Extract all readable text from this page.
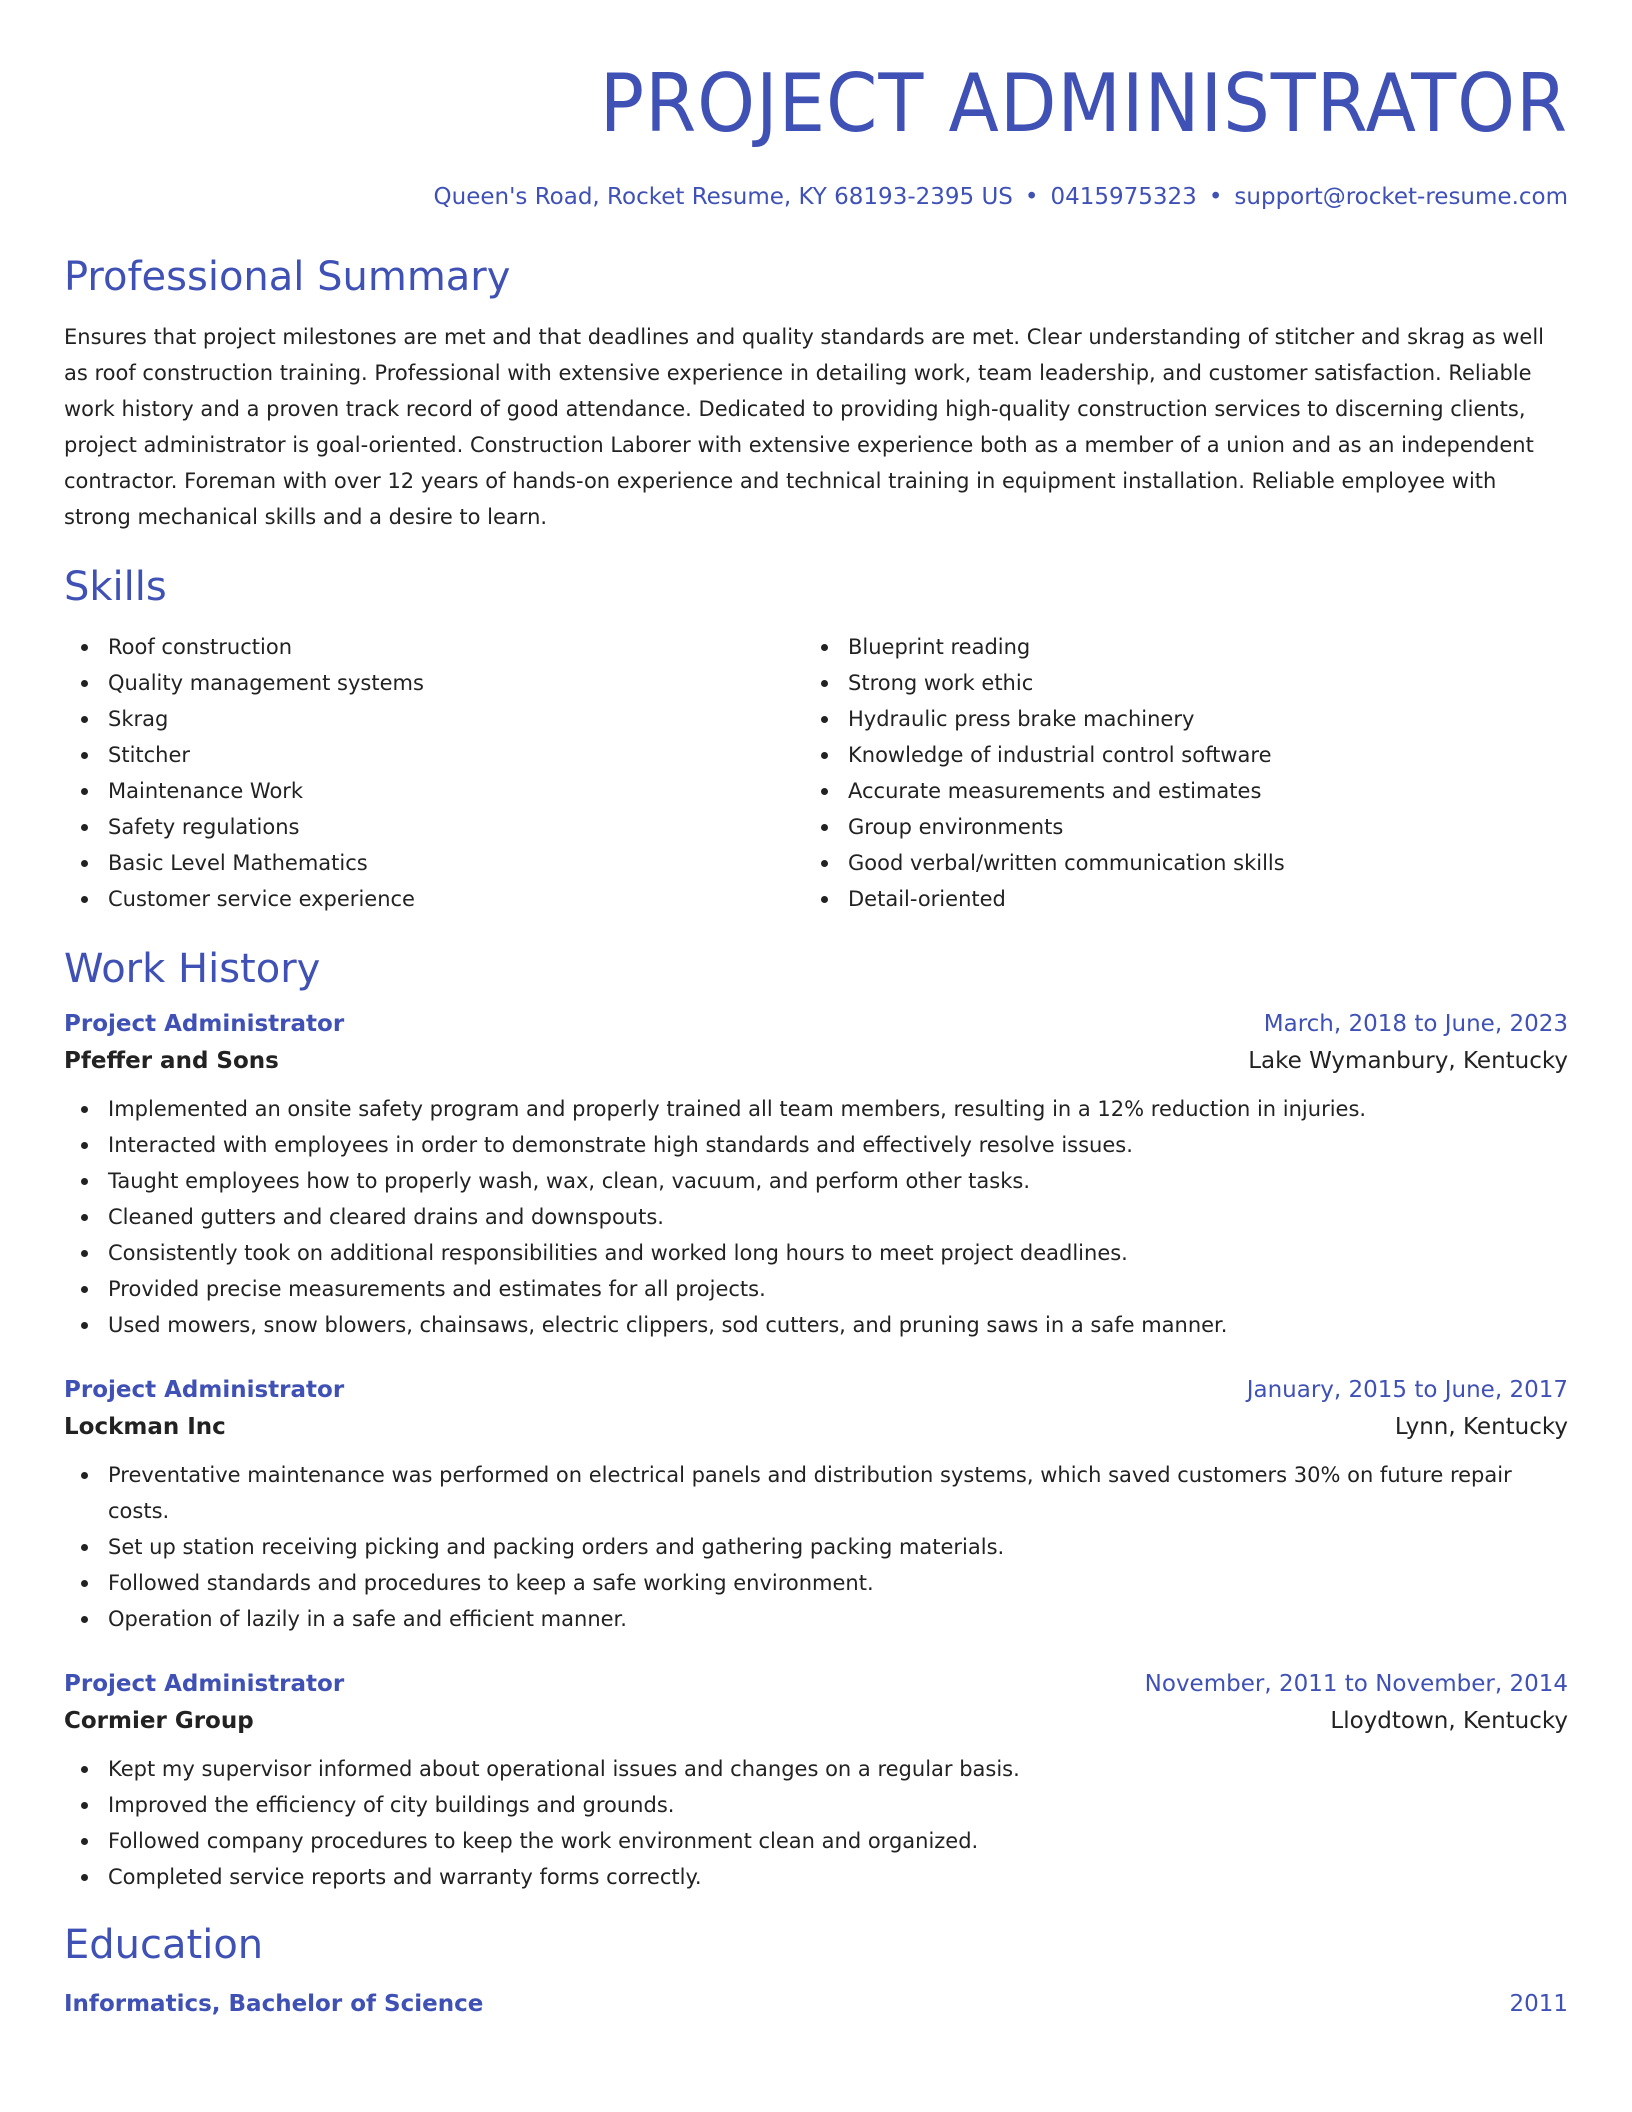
PROJECT ADMINISTRATOR
Queen's Road, Rocket Resume, KY 68193-2395 US • 0415975323 • support@rocket-resume.com
Professional Summary

Ensures that project milestones are met and that deadlines and quality standards are met. Clear understanding of stitcher and skrag as well as roof construction training. Professional with extensive experience in detailing work, team leadership, and customer satisfaction. Reliable work history and a proven track record of good attendance. Dedicated to providing high-quality construction services to discerning clients, project administrator is goal-oriented. Construction Laborer with extensive experience both as a member of a union and as an independent contractor. Foreman with over 12 years of hands-on experience and technical training in equipment installation. Reliable employee with strong mechanical skills and a desire to learn.

Skills
Roof construction
Quality management systems
Skrag
Stitcher
Maintenance Work
Safety regulations
Basic Level Mathematics
Customer service experience
Blueprint reading
Strong work ethic
Hydraulic press brake machinery
Knowledge of industrial control software
Accurate measurements and estimates
Group environments
Good verbal/written communication skills
Detail-oriented
Work History
Project Administrator	March, 2018 to June, 2023
Pfeffer and Sons	Lake Wymanbury, Kentucky
Implemented an onsite safety program and properly trained all team members, resulting in a 12% reduction in injuries.
Interacted with employees in order to demonstrate high standards and effectively resolve issues.
Taught employees how to properly wash, wax, clean, vacuum, and perform other tasks.
Cleaned gutters and cleared drains and downspouts.
Consistently took on additional responsibilities and worked long hours to meet project deadlines.
Provided precise measurements and estimates for all projects.
Used mowers, snow blowers, chainsaws, electric clippers, sod cutters, and pruning saws in a safe manner.
Project Administrator	January, 2015 to June, 2017
Lockman Inc	Lynn, Kentucky
Preventative maintenance was performed on electrical panels and distribution systems, which saved customers 30% on future repair costs.
Set up station receiving picking and packing orders and gathering packing materials.
Followed standards and procedures to keep a safe working environment.
Operation of lazily in a safe and efficient manner.
Project Administrator	November, 2011 to November, 2014
Cormier Group	Lloydtown, Kentucky
Kept my supervisor informed about operational issues and changes on a regular basis.
Improved the efficiency of city buildings and grounds.
Followed company procedures to keep the work environment clean and organized.
Completed service reports and warranty forms correctly.
Education
Informatics, Bachelor of Science	2011
